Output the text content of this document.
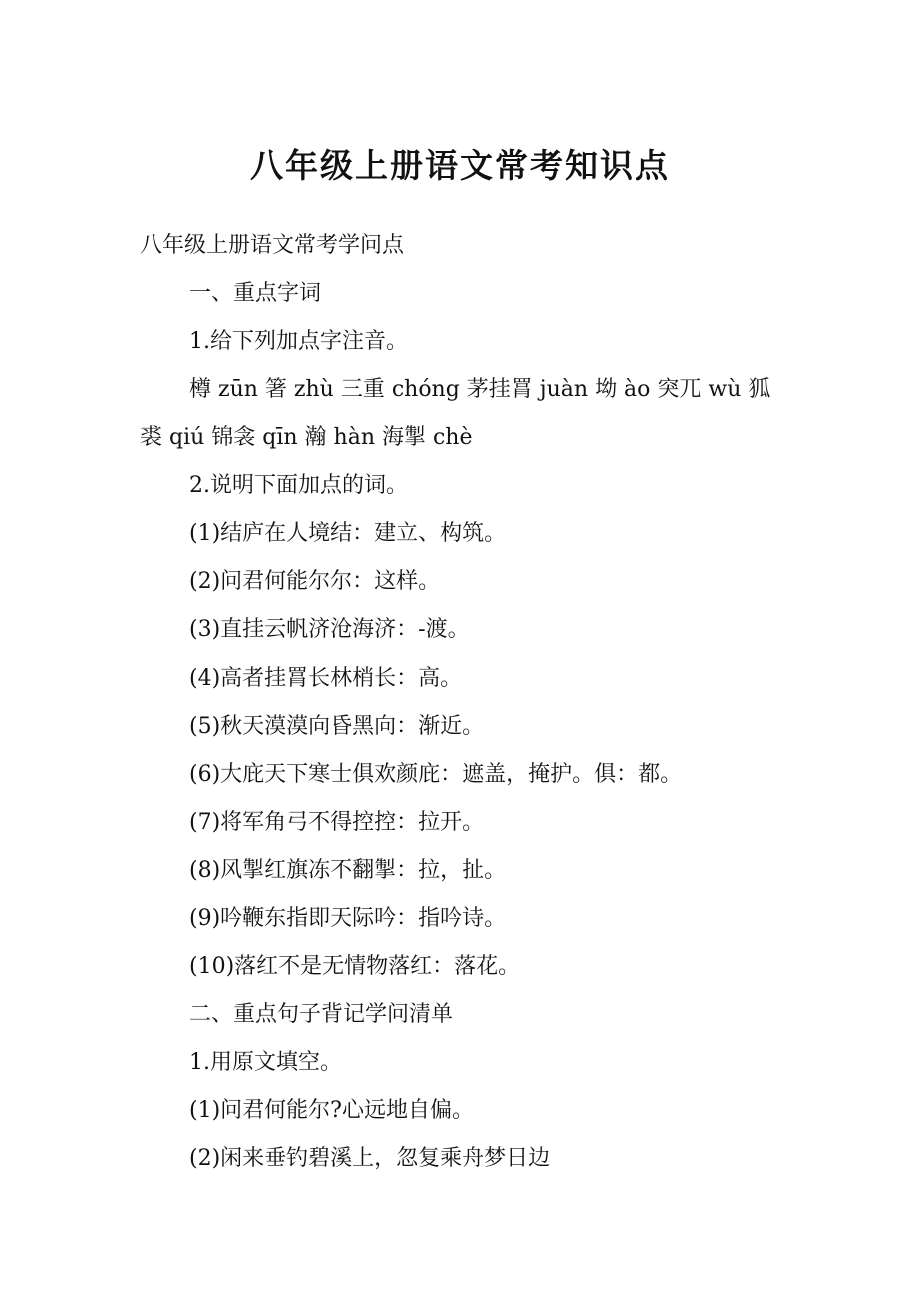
八年级上册语文常考知识点
八年级上册语文常考学问点
一、重点字词
1.给下列加点字注音。
樽 zūn 箸 zhù 三重 chóng 茅挂罥 juàn 坳 ào 突兀 wù 狐
裘 qiú 锦衾 qīn 瀚 hàn 海掣 chè
2.说明下面加点的词。
(1)结庐在人境结：建立、构筑。
(2)问君何能尔尔：这样。
(3)直挂云帆济沧海济：-渡。
(4)高者挂罥长林梢长：高。
(5)秋天漠漠向昏黑向：渐近。
(6)大庇天下寒士俱欢颜庇：遮盖，掩护。俱：都。
(7)将军角弓不得控控：拉开。
(8)风掣红旗冻不翻掣：拉，扯。
(9)吟鞭东指即天际吟：指吟诗。
(10)落红不是无情物落红：落花。
二、重点句子背记学问清单
1.用原文填空。
(1)问君何能尔?心远地自偏。
(2)闲来垂钓碧溪上，忽复乘舟梦日边
